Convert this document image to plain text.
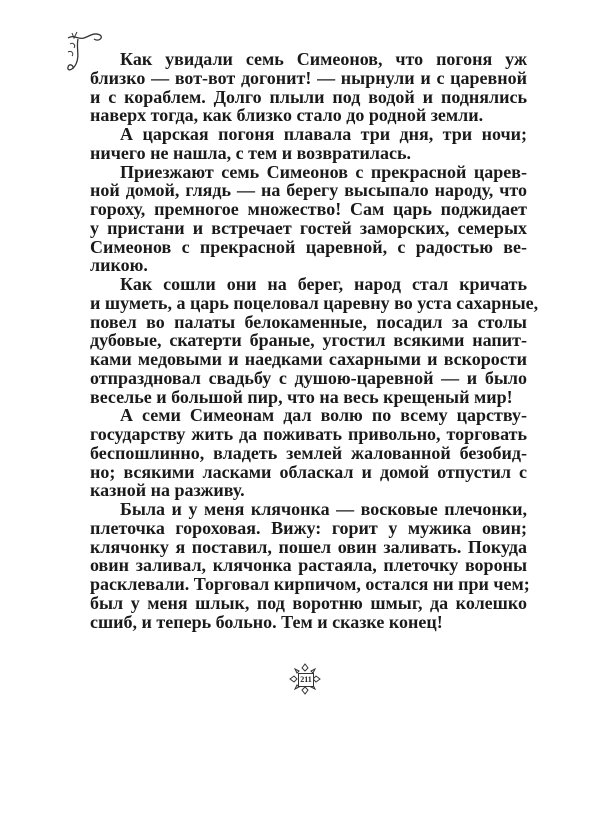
Как увидали семь Симеонов, что погоня уж
близко — вот-вот догонит! — нырнули и с царевной
и с кораблем. Долго плыли под водой и поднялись
наверх тогда, как близко стало до родной земли.
А царская погоня плавала три дня, три ночи;
ничего не нашла, с тем и возвратилась.
Приезжают семь Симеонов с прекрасной царев-
ной домой, глядь — на берегу высыпало народу, что
гороху, премногое множество! Сам царь поджидает
у пристани и встречает гостей заморских, семерых
Симеонов с прекрасной царевной, с радостью ве-
ликою.
Как сошли они на берег, народ стал кричать
и шуметь, а царь поцеловал царевну во уста сахарные,
повел во палаты белокаменные, посадил за столы
дубовые, скатерти браные, угостил всякими напит-
ками медовыми и наедками сахарными и вскорости
отпраздновал свадьбу с душою-царевной — и было
веселье и большой пир, что на весь крещеный мир!
А семи Симеонам дал волю по всему царству-
государству жить да поживать привольно, торговать
беспошлинно, владеть землей жалованной безобид-
но; всякими ласками обласкал и домой отпустил с
казной на разживу.
Была и у меня клячонка — восковые плечонки,
плеточка гороховая. Вижу: горит у мужика овин;
клячонку я поставил, пошел овин заливать. Покуда
овин заливал, клячонка растаяла, плеточку вороны
расклевали. Торговал кирпичом, остался ни при чем;
был у меня шлык, под воротню шмыг, да колешко
сшиб, и теперь больно. Тем и сказке конец!
211
